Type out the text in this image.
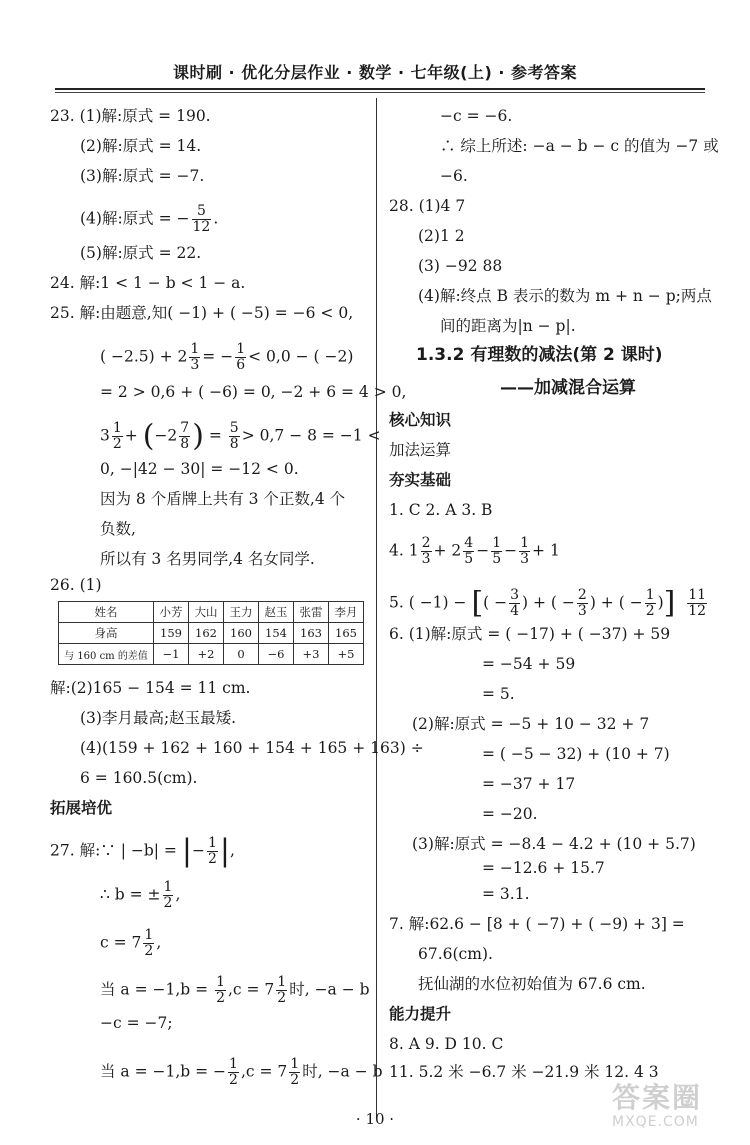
课时刷 · 优化分层作业 · 数学 · 七年级(上) · 参考答案
23. (1)解:原式 = 190.
(2)解:原式 = 14.
(3)解:原式 = −7.
(4)解:原式 = − $\frac{5}{12}$ .
(5)解:原式 = 22.
24. 解:1 < 1 − b < 1 − a.
25. 解:由题意,知( −1) + ( −5) = −6 < 0,
( $-2.5) + 2 \frac{1}{3}$ = − $\frac{1}{6} < 0,0$ − ( −2)
= 2 > 0,6 + ( −6) = 0, −2 + 6 = 4 > 0,
$3 \frac{1}{2} + (-2 \frac{7}{8}$ ) = $\frac{5}{8} > 0,7 - 8 = -1$ <
0, −|42 − 30| = −12 < 0.
因为 8 个盾牌上共有 3 个正数,4 个
负数,
所以有 3 名男同学,4 名女同学.
26. (1)
姓名	小芳	大山	王力	赵玉	张雷	李月
身高	159	162	160	154	163	165
与 160 cm 的差值	−1	+2	0	−6	+3	+5
解:(2)165 − 154 = 11 cm.
(3)李月最高;赵玉最矮.
(4)(159 + 162 + 160 + 154 + 165 + 163) ÷
6 = 160.5(cm).
拓展培优
27. 解:∵ | −b| = |− $\frac{1}{2}$ |,
∴ b = ± $\frac{1}{2}$ ,
$c = 7 \frac{1}{2}$ ,
当 $a = -1,b = \frac{1}{2} ,c = 7 \frac{1}{2}$ 时, −a − b
−c = −7;
当 a = −1,b = − $\frac{1}{2} ,c = 7 \frac{1}{2}$ 时, −a − b
−c = −6.
∴ 综上所述: −a − b − c 的值为 −7 或
−6.
28. (1)4 7
(2)1 2
(3) −92 88
(4)解:终点 B 表示的数为 m + n − p;两点
间的距离为|n − p|.
1.3.2 有理数的减法(第 2 课时)
——加减混合运算
核心知识
加法运算
夯实基础
1. C 2. A 3. B
4. $1 \frac{2}{3} + 2 \frac{4}{5} - \frac{1}{5} - \frac{1}{3} + 1$
5. ( −1) − [( − $\frac{3}{4}$ ) + ( − $\frac{2}{3}$ ) + ( − $\frac{1}{2}$ )] $\frac{11}{12}$
6. (1)解:原式 = ( −17) + ( −37) + 59
= −54 + 59
= 5.
(2)解:原式 = −5 + 10 − 32 + 7
= ( −5 − 32) + (10 + 7)
= −37 + 17
= −20.
(3)解:原式 = −8.4 − 4.2 + (10 + 5.7)
= −12.6 + 15.7
= 3.1.
7. 解:62.6 − [8 + ( −7) + ( −9) + 3] =
67.6(cm).
抚仙湖的水位初始值为 67.6 cm.
能力提升
8. A 9. D 10. C
11. 5.2 米 −6.7 米 −21.9 米 12. 4 3
· 10 ·
答案圈
MXQE.COM
